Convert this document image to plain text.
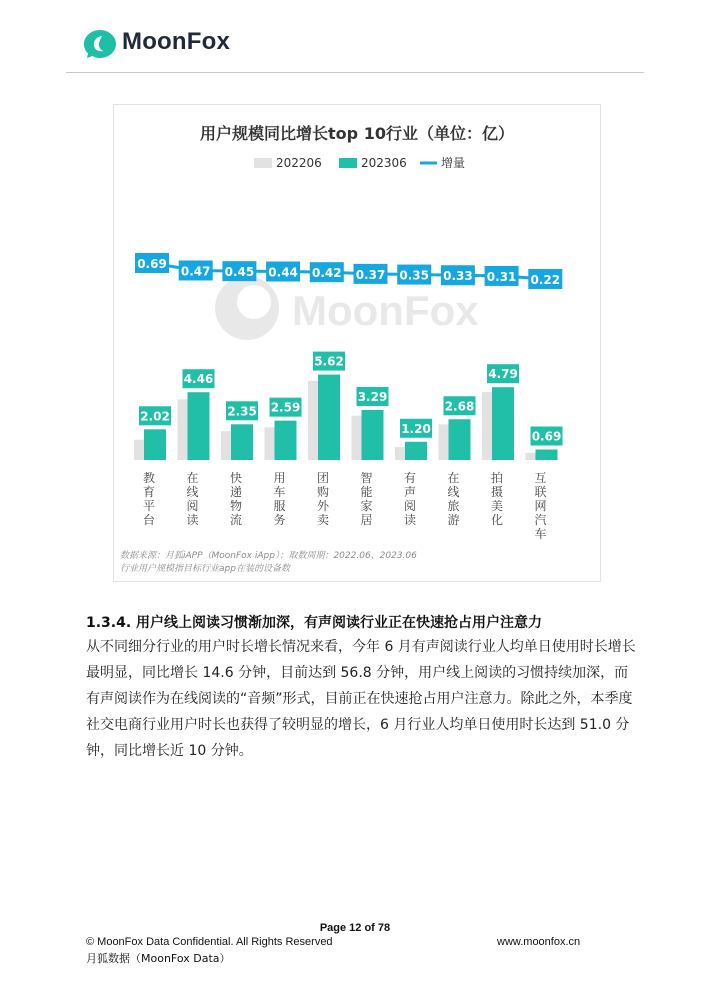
MoonFox
用户规模同比增长top 10行业（单位：亿）
202206	202306	增量
MoonFox
2.02
4.46
2.35 2.59
5.62
3.29
1.20
2.68
4.79
0.69
0.69
0.47 0.45 0.44 0.42 0.37 0.35 0.33 0.31 0.22
教
育
平
台
在
线
阅
读
快
递
物
流
用
车
服
务
团
购
外
卖
智
能
家
居
有
声
阅
读
在
线
旅
游
拍
摄
美
化
互
联
网
汽
车
数据来源：月狐iAPP（MoonFox iApp）；取数周期：2022.06、2023.06
行业用户规模指目标行业app在装的设备数
1.3.4. 用户线上阅读习惯渐加深，有声阅读行业正在快速抢占用户注意力

从不同细分行业的用户时长增长情况来看，今年 6 月有声阅读行业人均单日使用时长增长最明显，同比增长 14.6 分钟，目前达到 56.8 分钟，用户线上阅读的习惯持续加深，而有声阅读作为在线阅读的“音频”形式，目前正在快速抢占用户注意力。除此之外，本季度社交电商行业用户时长也获得了较明显的增长，6 月行业人均单日使用时长达到 51.0 分钟，同比增长近 10 分钟。

Page 12 of 78
© MoonFox Data Confidential. All Rights Reserved
月狐数据（MoonFox Data）
www.moonfox.cn
